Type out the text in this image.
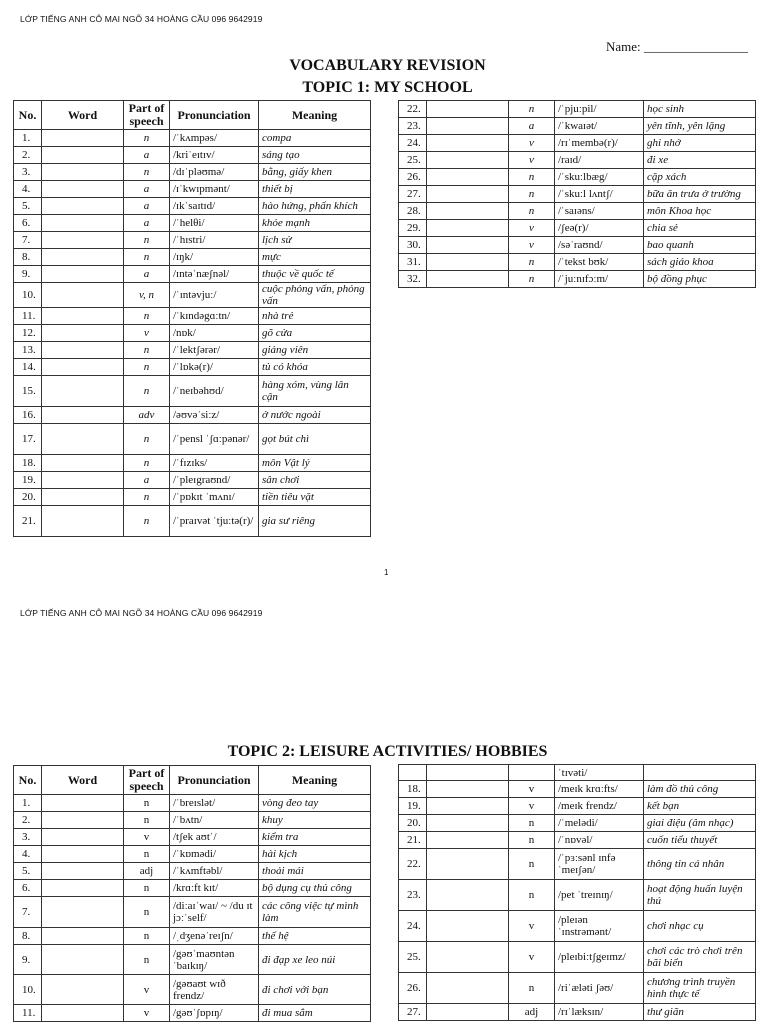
LỚP TIẾNG ANH CÔ MAI NGÕ 34 HOÀNG CẦU 096 9642919
Name: ________________
VOCABULARY REVISION
TOPIC 1: MY SCHOOL
No.	Word	Part of speech	Pronunciation	Meaning
1.		n	/ˈkʌmpəs/	compa
2.		a	/kriˈeɪtɪv/	sáng tạo
3.		n	/dɪˈpləʊmə/	bằng, giấy khen
4.		a	/ɪˈkwɪpmənt/	thiết bị
5.		a	/ɪkˈsaɪtɪd/	hào hứng, phấn khích
6.		a	/ˈhelθi/	khỏe mạnh
7.		n	/ˈhɪstri/	lịch sử
8.		n	/ɪŋk/	mực
9.		a	/ɪntəˈnæʃnəl/	thuộc về quốc tế
10.		v, n	/ˈɪntəvjuː/	cuộc phỏng vấn, phỏng vấn
11.		n	/ˈkɪndəgɑːtn/	nhà trẻ
12.		v	/nɒk/	gõ cửa
13.		n	/ˈlektʃərər/	giảng viên
14.		n	/ˈlɒkə(r)/	tủ có khóa
15.		n	/ˈneɪbəhʊd/	hàng xóm, vùng lân cận
16.		adv	/əʊvəˈsiːz/	ở nước ngoài
17.		n	/ˈpensl ˈʃɑːpənər/	gọt bút chì
18.		n	/ˈfɪzɪks/	môn Vật lý
19.		a	/ˈpleɪgraʊnd/	sân chơi
20.		n	/ˈpɒkɪt ˈmʌnɪ/	tiền tiêu vặt
21.		n	/ˈpraɪvət ˈtjuːtə(r)/	gia sư riêng
22.		n	/ˈpjuːpil/	học sinh
23.		a	/ˈkwaɪət/	yên tĩnh, yên lặng
24.		v	/rɪˈmembə(r)/	ghi nhớ
25.		v	/raɪd/	đi xe
26.		n	/ˈskuːlbæg/	cặp xách
27.		n	/ˈskuːl lʌntʃ/	bữa ăn trưa ở trường
28.		n	/ˈsaɪəns/	môn Khoa học
29.		v	/ʃeə(r)/	chia sẻ
30.		v	/səˈraʊnd/	bao quanh
31.		n	/ˈtekst bʊk/	sách giáo khoa
32.		n	/ˈjuːnɪfɔːm/	bộ đồng phục
1
LỚP TIẾNG ANH CÔ MAI NGÕ 34 HOÀNG CẦU 096 9642919
TOPIC 2: LEISURE ACTIVITIES/ HOBBIES
No.	Word	Part of speech	Pronunciation	Meaning
1.		n	/ˈbreɪslət/	vòng đeo tay
2.		n	/ˈbʌtn/	khuy
3.		v	/tʃek aʊtˈ/	kiểm tra
4.		n	/ˈkɒmədi/	hài kịch
5.		adj	/ˈkʌmftəbl/	thoải mái
6.		n	/krɑːft kɪt/	bộ dụng cụ thủ công
7.		n	/diːaɪˈwaɪ/ ~ /du ɪt jɔːˈself/	các công việc tự mình làm
8.		n	/ˌdʒenəˈreɪʃn/	thế hệ
9.		n	/gəʊˈmaʊntən ˈbaɪkɪŋ/	đi đạp xe leo núi
10.		v	/gəʊaʊt wɪð frendz/	đi chơi với bạn
11.		v	/gəʊˈʃɒpɪŋ/	đi mua sắm
			ˈtɪvəti/	
18.		v	/meɪk krɑːfts/	làm đồ thủ công
19.		v	/meɪk frendz/	kết bạn
20.		n	/ˈmelədi/	giai điệu (âm nhạc)
21.		n	/ˈnɒvəl/	cuốn tiểu thuyết
22.		n	/ˈpɜːsənl ɪnfə ˈmeɪʃən/	thông tin cá nhân
23.		n	/pet ˈtreɪnɪŋ/	hoạt động huấn luyện thú
24.		v	/pleɪən ˈɪnstrəmənt/	chơi nhạc cụ
25.		v	/pleɪbiːtʃgeɪmz/	chơi các trò chơi trên bãi biển
26.		n	/riˈæləti ʃəʊ/	chương trình truyền hình thực tế
27.		adj	/rɪˈlæksɪn/	thư giãn
